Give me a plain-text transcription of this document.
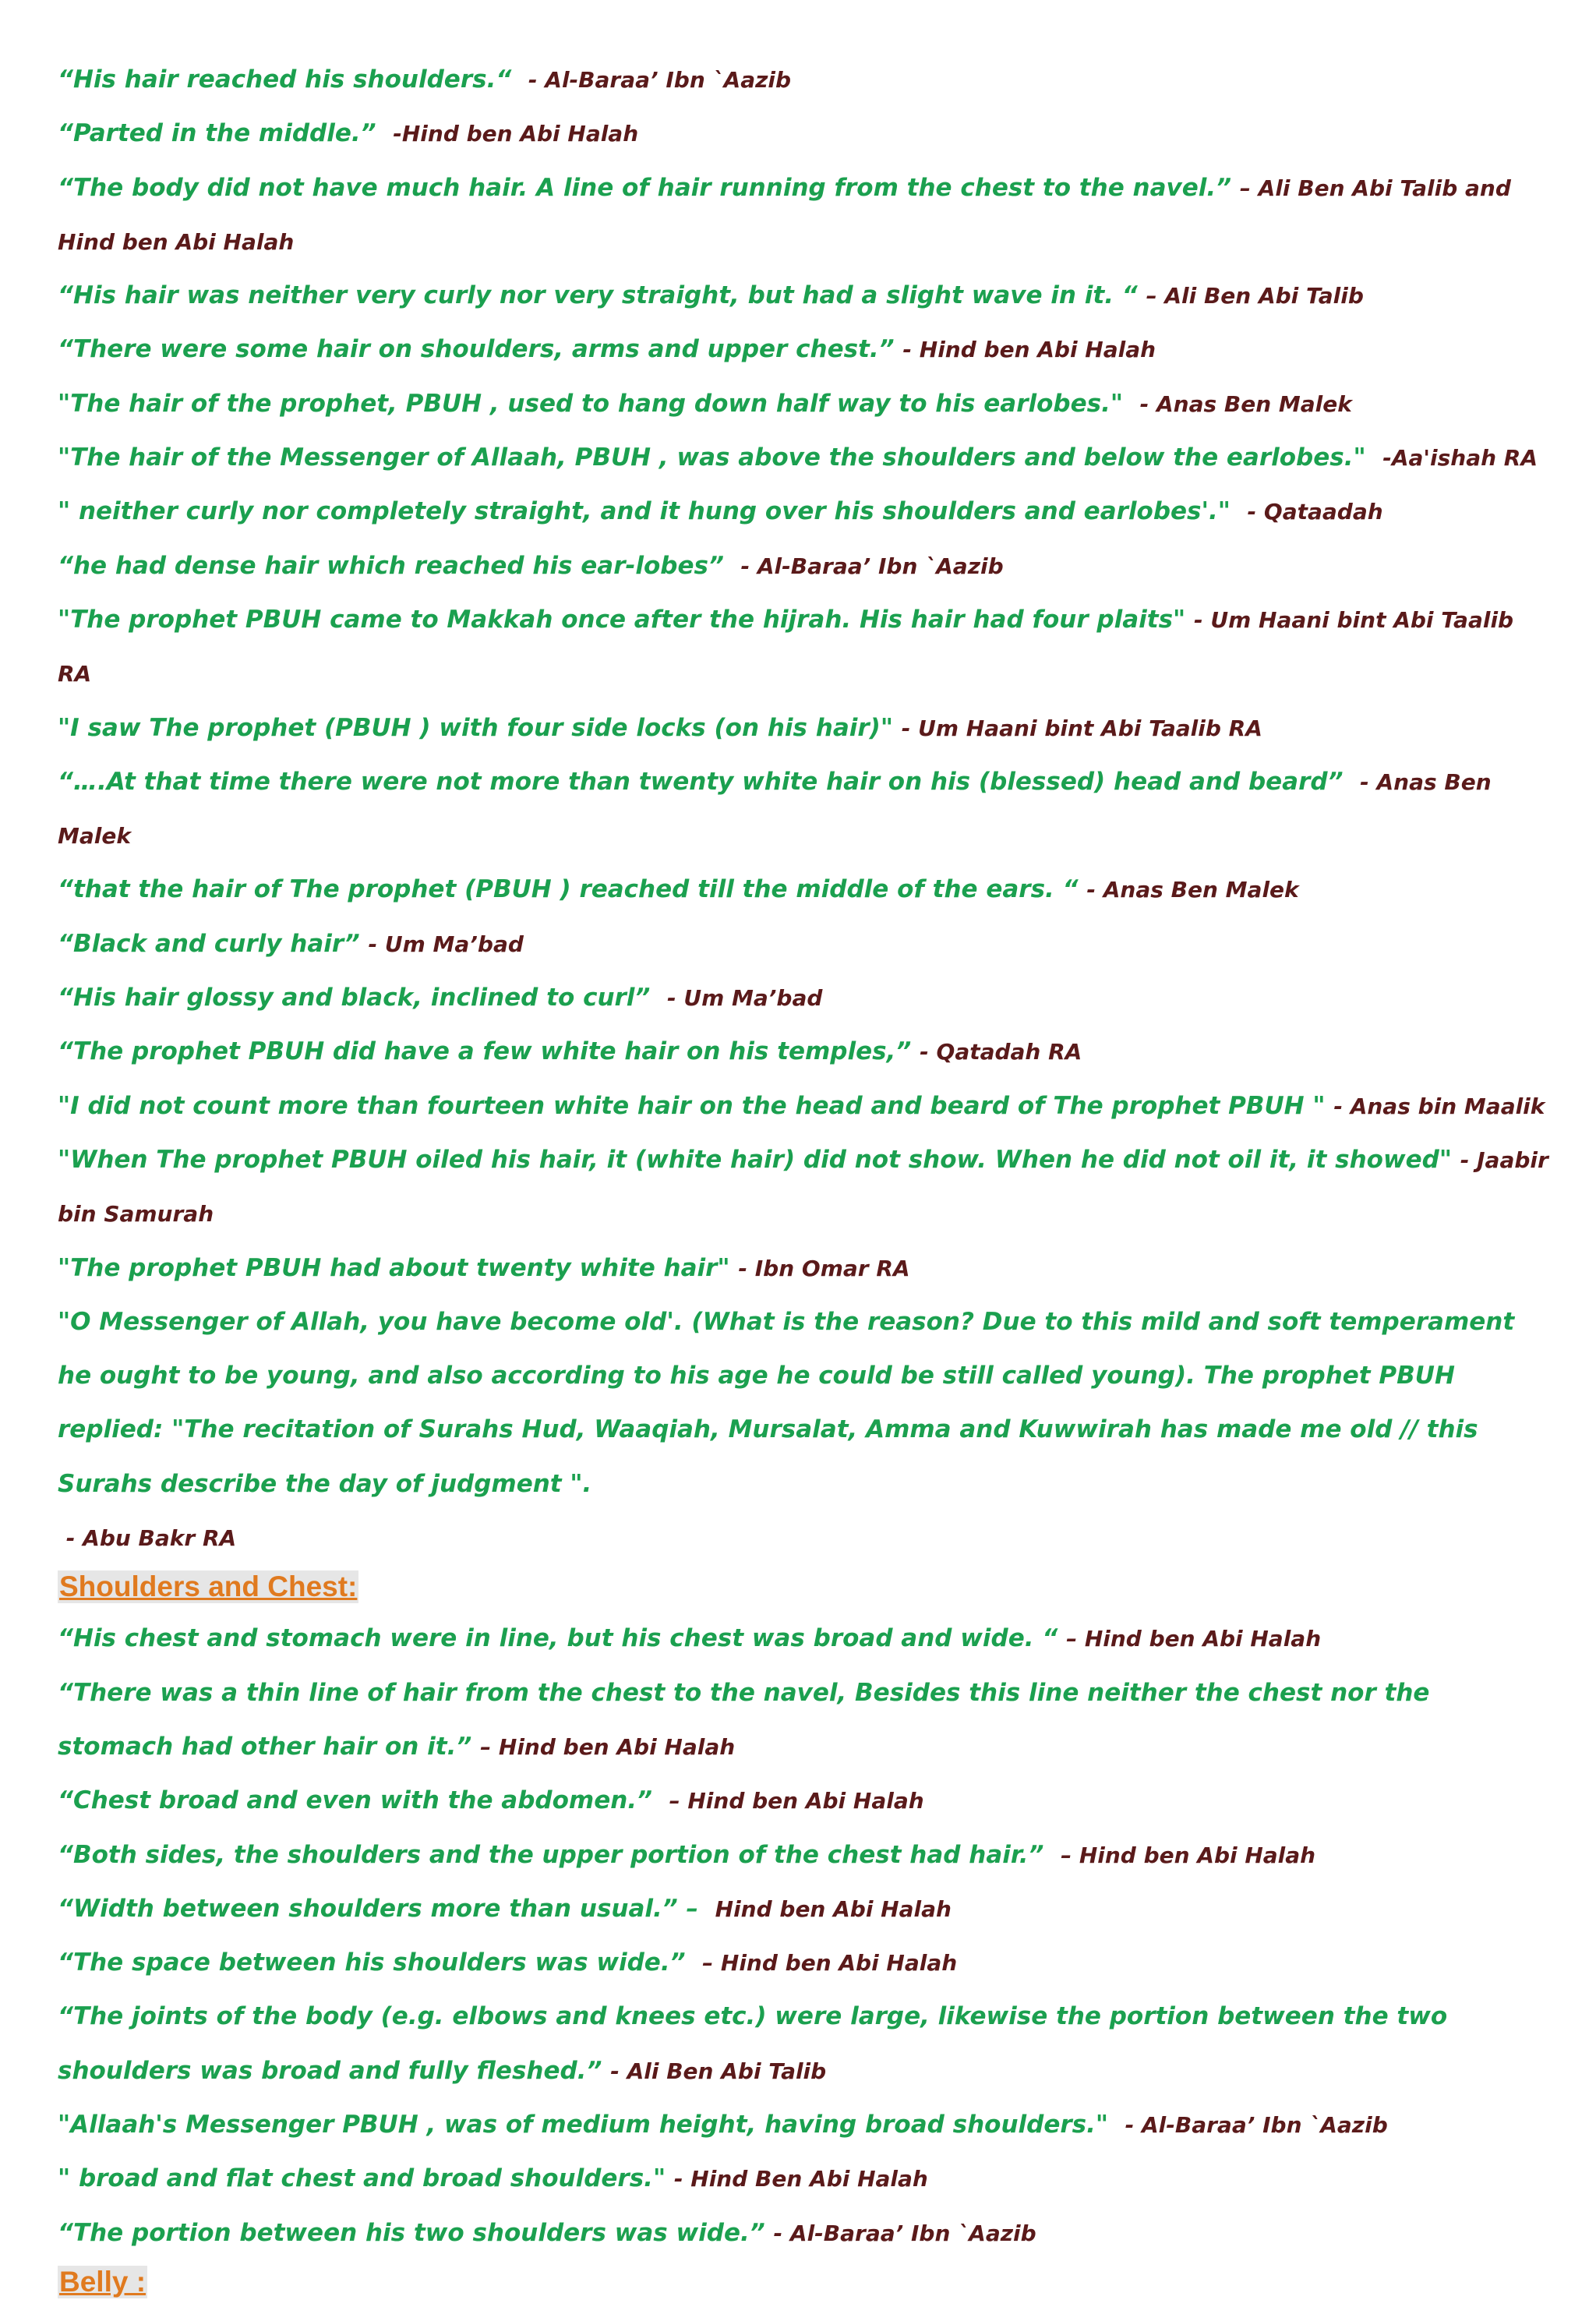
“His hair reached his shoulders.“ - Al-Baraa’ Ibn `Aazib

“Parted in the middle.” -Hind ben Abi Halah

“The body did not have much hair. A line of hair running from the chest to the navel.” – Ali Ben Abi Talib and Hind ben Abi Halah

“His hair was neither very curly nor very straight, but had a slight wave in it. “ – Ali Ben Abi Talib

“There were some hair on shoulders, arms and upper chest.” - Hind ben Abi Halah

"The hair of the prophet, PBUH , used to hang down half way to his earlobes." - Anas Ben Malek

"The hair of the Messenger of Allaah, PBUH , was above the shoulders and below the earlobes." -Aa'ishah RA

" neither curly nor completely straight, and it hung over his shoulders and earlobes'." - Qataadah

“he had dense hair which reached his ear-lobes” - Al-Baraa’ Ibn `Aazib

"The prophet PBUH came to Makkah once after the hijrah. His hair had four plaits" - Um Haani bint Abi Taalib RA

"I saw The prophet (PBUH ) with four side locks (on his hair)" - Um Haani bint Abi Taalib RA

“….At that time there were not more than twenty white hair on his (blessed) head and beard” - Anas Ben Malek

“that the hair of The prophet (PBUH ) reached till the middle of the ears. “ - Anas Ben Malek

“Black and curly hair” - Um Ma’bad

“His hair glossy and black, inclined to curl” - Um Ma’bad

“The prophet PBUH did have a few white hair on his temples,” - Qatadah RA

"I did not count more than fourteen white hair on the head and beard of The prophet PBUH " - Anas bin Maalik

"When The prophet PBUH oiled his hair, it (white hair) did not show. When he did not oil it, it showed" - Jaabir bin Samurah

"The prophet PBUH had about twenty white hair" - Ibn Omar RA

"O Messenger of Allah, you have become old'. (What is the reason? Due to this mild and soft temperament he ought to be young, and also according to his age he could be still called young). The prophet PBUH replied: "The recitation of Surahs Hud, Waaqiah, Mursalat, Amma and Kuwwirah has made me old // this Surahs describe the day of judgment ".
- Abu Bakr RA

Shoulders and Chest:

“His chest and stomach were in line, but his chest was broad and wide. “ – Hind ben Abi Halah

“There was a thin line of hair from the chest to the navel, Besides this line neither the chest nor the stomach had other hair on it.” – Hind ben Abi Halah

“Chest broad and even with the abdomen.” – Hind ben Abi Halah

“Both sides, the shoulders and the upper portion of the chest had hair.” – Hind ben Abi Halah

“Width between shoulders more than usual.” – Hind ben Abi Halah

“The space between his shoulders was wide.” – Hind ben Abi Halah

“The joints of the body (e.g. elbows and knees etc.) were large, likewise the portion between the two shoulders was broad and fully fleshed.” - Ali Ben Abi Talib

"Allaah's Messenger PBUH , was of medium height, having broad shoulders." - Al-Baraa’ Ibn `Aazib

" broad and flat chest and broad shoulders." - Hind Ben Abi Halah

“The portion between his two shoulders was wide.” - Al-Baraa’ Ibn `Aazib

Belly :
